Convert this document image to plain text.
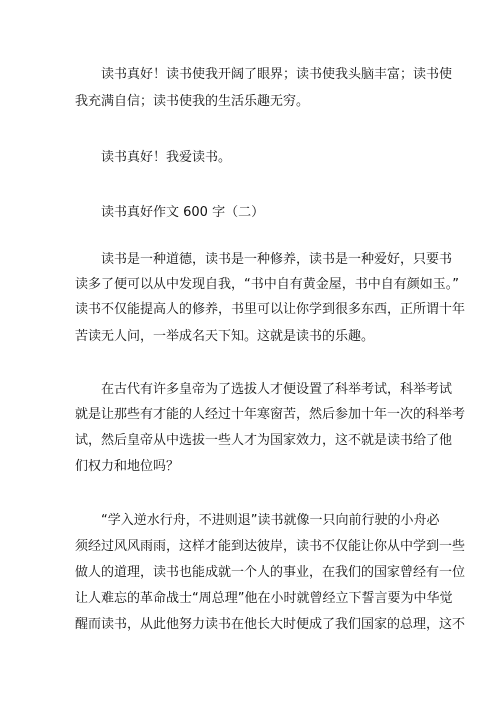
读书真好！读书使我开阔了眼界；读书使我头脑丰富；读书使
我充满自信；读书使我的生活乐趣无穷。
读书真好！我爱读书。
读书真好作文 600 字（二）
读书是一种道德，读书是一种修养，读书是一种爱好，只要书
读多了便可以从中发现自我，“书中自有黄金屋，书中自有颜如玉。”
读书不仅能提高人的修养，书里可以让你学到很多东西，正所谓十年
苦读无人问，一举成名天下知。这就是读书的乐趣。
在古代有许多皇帝为了选拔人才便设置了科举考试，科举考试
就是让那些有才能的人经过十年寒窗苦，然后参加十年一次的科举考
试，然后皇帝从中选拔一些人才为国家效力，这不就是读书给了他
们权力和地位吗？
“学入逆水行舟，不进则退”读书就像一只向前行驶的小舟必
须经过风风雨雨，这样才能到达彼岸，读书不仅能让你从中学到一些
做人的道理，读书也能成就一个人的事业，在我们的国家曾经有一位
让人难忘的革命战士“周总理”他在小时就曾经立下誓言要为中华觉
醒而读书，从此他努力读书在他长大时便成了我们国家的总理，这不
